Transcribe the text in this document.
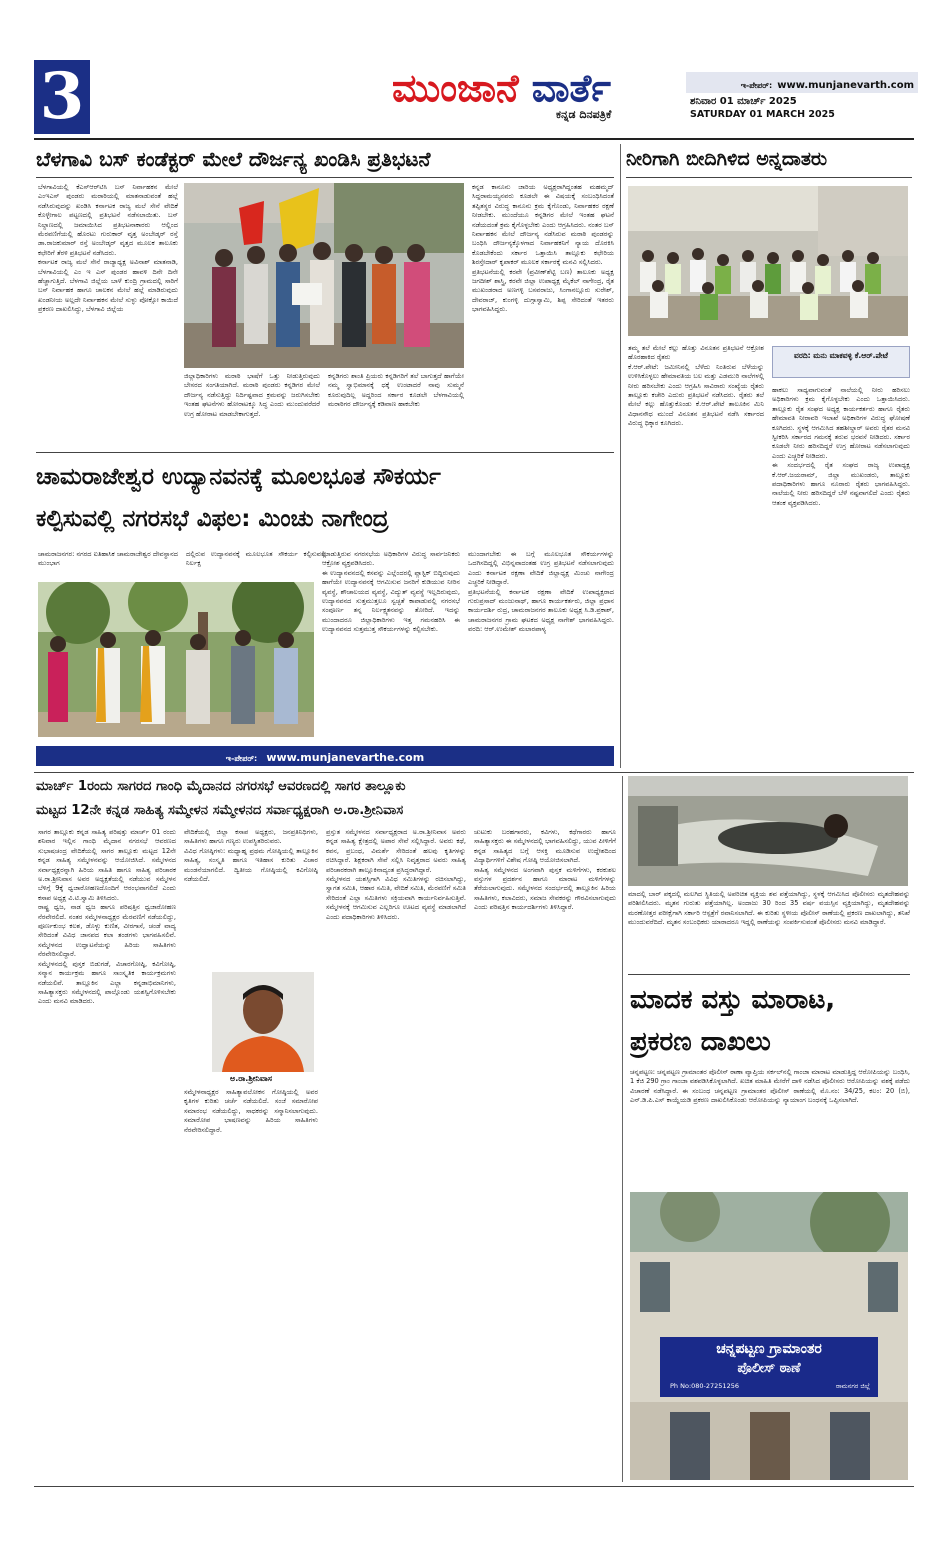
3	ಮುಂಜಾನೆ ವಾರ್ತೆ
ಕನ್ನಡ ದಿನಪತ್ರಿಕೆ
ಇ-ಪೇಪರ್: www.munjanevarth.com
ಶನಿವಾರ 01 ಮಾರ್ಚ್ 2025
SATURDAY 01 MARCH 2025
ಬೆಳಗಾವಿ ಬಸ್ ಕಂಡೆಕ್ಟರ್ ಮೇಲೆ ದೌರ್ಜನ್ಯ ಖಂಡಿಸಿ ಪ್ರತಿಭಟನೆ
ಬೆಳಗಾವಿಯಲ್ಲಿ ಕೆಎಸ್‌ಆರ್‌ಟಿಸಿ ಬಸ್ ನಿರ್ವಾಹಕನ ಮೇಲೆ ಎಂಇಎಸ್ ಪುಂಡರು ಮರಾಠಿಯಲ್ಲಿ ಮಾತನಾಡುವಂತೆ ಹಲ್ಲೆ ನಡೆಸಿರುವುದನ್ನು ಖಂಡಿಸಿ ಕರ್ನಾಟಕ ರಾಜ್ಯ ಮಲೆ ಸೇನೆ ವೇದಿಕೆ ಕೊಳ್ಳೇಗಾಲ ಪಟ್ಟಣದಲ್ಲಿ ಪ್ರತಿಭಟನೆ ನಡೆಸಲಾಯಿತು. ಬಸ್ ನಿಲ್ದಾಣದಲ್ಲಿ ಜಮಾಯಿಸಿದ ಪ್ರತಿಭಟನಾಕಾರರು ಆಲ್ಲಿಂದ ಮೆರವಣಿಗೆಯಲ್ಲಿ ಹೊರಟು ಗುರುಕಾರ್ ವೃತ್ತ ಅಂಬೇಡ್ಕರ್ ರಸ್ತೆ ಡಾ.ರಾಜಕುಮಾರ್ ರಸ್ತೆ ಅಂಬೇಡ್ಕರ್ ವೃತ್ತದ ಮೂಲಕ ತಾಲೂಕು ಕಛೇರಿಗೆ ತೆರಳಿ ಪ್ರತಿಭಟನೆ ನಡೆಸಿದರು.
ಕರ್ನಾಟಕ ರಾಜ್ಯ ಮಲೆ ಸೇನೆ ರಾಜ್ಯಾಧ್ಯಕ್ಷ ಅವಿನಾಶ್ ಮಾತನಾಡಿ, ಬೆಳಗಾವಿಯಲ್ಲಿ ಎಂ ಇ ಎಸ್ ಪುಂಡರ ಹಾವಳಿ ದಿನೇ ದಿನೇ ಹೆಚ್ಚಾಗುತ್ತಿದೆ. ಬೆಳಗಾವಿ ಜಿಲ್ಲೆಯ ಬಾಳೆ ಕುಂದ್ರಿ ಗ್ರಾಮದಲ್ಲಿ ಸಾರಿಗೆ ಬಸ್ ನಿರ್ವಾಹಕ ಹಾಗೂ ಚಾಲಕನ ಮೇಲೆ ಹಲ್ಲೆ ಮಾಡಿರುವುದು ಖಂಡನೀಯ ಅಲ್ಲದೇ ನಿರ್ವಾಹಕನ ಮೇಲೆ ಸುಳ್ಳು ಪೋಕ್ಸೋ ಕಾಯಿದೆ ಪ್ರಕರಣ ದಾಖಲಿಸಿದ್ದು, ಬೆಳಗಾವಿ ಜಿಲ್ಲೆಯ
ಜಿಲ್ಲಾಧಿಕಾರಿಗಳು ಮರಾಠಿ ಭಾಷೆಗೆ ಒತ್ತು ನೀಡುತ್ತಿರುವುದು ಬೇಸರದ ಸಂಗತಿಯಾಗಿದೆ. ಮರಾಠಿ ಪುಂಡರು ಕನ್ನಡಿಗರ ಮೇಲೆ ದೌರ್ಜನ್ಯ ನಡೆಸುತ್ತಿದ್ದು ನಿರ್ದಿಷ್ಟವಾದ ಕ್ರಮವನ್ನು ಜರುಗಿಸಬೇಕು ಇಂತಹ ಘಟನೆಗಳು ಹೋರಾಟಕ್ಕೂ ಸಿದ್ಧ ಎಂದು ಮುಂದುವರೆದರೆ ಉಗ್ರ ಹೋರಾಟ ಮಾಡಬೇಕಾಗುತ್ತದೆ.
ಕನ್ನಡಿಗರು ಶಾಂತಿ ಪ್ರಿಯರು ಕನ್ನಡಿಗರಿಗೆ ತಲೆ ಬಾಗುತ್ತದೆ ಹಾಗೆಯೇ ನಮ್ಮ ಸ್ವಾಭಿಮಾನಕ್ಕೆ ಧಕ್ಕೆ ಉಂಟಾದರೆ ನಾವು ಸುಮ್ಮನೆ ಕೂರುವುದಿಲ್ಲ ಅದ್ದರಿಂದ ಸರ್ಕಾರ ಕೂಡಲೇ ಬೆಳಗಾವಿಯಲ್ಲಿ ಮರಾಠಿಗರ ದೌರ್ಜನ್ಯಕ್ಕೆ ಕಡಿವಾಣ ಹಾಕಬೇಕು
ಕನ್ನಡ ಕಾನೂನು ಜಾರಿಯ ಅಧ್ಯಕ್ಷರಾಗಿದ್ದಂತಹ ಮಹಮ್ಮದ್ ಸಿದ್ದರಾಮಯ್ಯನವರು ಕೂಡಲೇ ಈ ವಿಷಯಕ್ಕೆ ಸಂಬಂಧಿಸಿದಂತೆ ತಪ್ಪಿತಸ್ಥರ ವಿರುದ್ಧ ಕಾನೂನು ಕ್ರಮ ಕೈಗೊಂಡು, ನಿರ್ವಾಹಕರ ರಕ್ಷಣೆ ನೀಡಬೇಕು. ಮುಂದೆಯೂ ಕನ್ನಡಿಗರ ಮೇಲೆ ಇಂತಹ ಘಟನೆ ನಡೆಯದಂತೆ ಕ್ರಮ ಕೈಗೊಳ್ಳಬೇಕು ಎಂದು ಆಗ್ರಹಿಸಿದರು. ನಂತರ ಬಸ್ ನಿರ್ವಾಹಕನ ಮೇಲೆ ದೌರ್ಜನ್ಯ ನಡೆಸಿರುವ ಮರಾಠಿ ಪುಂಡರನ್ನು ಬಂಧಿಸಿ ದೌರ್ಜನ್ಯಕ್ಕೊಳಗಾದ ನಿರ್ವಾಹಕನಿಗೆ ನ್ಯಾಯ ದೊರಕಿಸಿ ಕೊಡಬೇಕೆಂದು ಸರ್ಕಾರ ಒತ್ತಾಯಿಸಿ ತಾಲ್ಲೂಕು ಕಛೇರಿಯ ಶಿರಸ್ತೇದಾರ್ ಕೃಪಾಕರ್ ಮೂಲಕ ಸರ್ಕಾರಕ್ಕೆ ಮನವಿ ಸಲ್ಲಿಸಿದರು.
ಪ್ರತಿಭಟನೆಯಲ್ಲಿ ಕರವೇ (ಪ್ರವೀಣ್‌ಶೆಟ್ಟಿ ಬಣ) ತಾಲೂಕು ಅಧ್ಯಕ್ಷ ಜಗದೀಶ್ ಶಾಸ್ತ್ರಿ, ಕರವೇ ಜಿಲ್ಲಾ ಉಪಾಧ್ಯಕ್ಷ ಮೈಕೆಲ್ ನಾಗೇಂದ್ರ, ರೈತ ಮುಖಂಡರಾದ ಅಣಗಳ್ಳಿ ಬಸವರಾಜು, ಸಿಂಗಾನಲ್ಲೂರು ಸುರೇಶ್, ದೇವರಾಜ್, ಕುಂಗಳ್ಳಿ ದುಗ್ಗಾಸ್ವಾಮಿ, ಶಿಪ್ಪ ಸೇರಿದಂತೆ ಇತರರು ಭಾಗವಹಿಸಿದ್ದರು.
ನೀರಿಗಾಗಿ ಬೀದಿಗಿಳಿದ ಅನ್ನದಾತರು
ತಮ್ಮ ತಲೆ ಮೇಲೆ ಕಲ್ಲು ಹೊತ್ತು ವಿನೂತನ ಪ್ರತಿಭಟನೆ ಆಕ್ರೋಶ ಹೊರಹಾಕಿದ ರೈತರು
ಕೆ.ಆರ್.ಪೇಟೆ: ಜಮೀನಿನಲ್ಲಿ ಬೆಳೆದು ನಿಂತಿರುವ ಬೆಳೆಯನ್ನು ಉಳಿಸಿಕೊಳ್ಳಲು ಹೇಮಾವತಿಯ ಬಲ ಮತ್ತು ಎಡಮುರಿ ನಾಲೆಗಳಲ್ಲಿ ನೀರು ಹರಿಸಬೇಕು ಎಂದು ಆಗ್ರಹಿಸಿ ಸಾವಿರಾರು ಸಂಖ್ಯೆಯ ರೈತರು ತಾಲ್ಲೂಕು ಕಚೇರಿ ಎದುರು ಪ್ರತಿಭಟನೆ ನಡೆಸಿದರು. ರೈತರು ತಲೆ ಮೇಲೆ ಕಲ್ಲು ಹೊತ್ತುಕೊಂಡು ಕೆ.ಆರ್.ಪೇಟೆ ತಾಲೂಕಿನ ಮಿನಿ ವಿಧಾನಸೌಧ ಮುಂದೆ ವಿನೂತನ ಪ್ರತಿಭಟನೆ ನಡೆಸಿ ಸರ್ಕಾರದ ವಿರುದ್ಧ ಧಿಕ್ಕಾರ ಕೂಗಿದರು.
ವರದಿ: ಮನು ಮಾಕವಳ್ಳಿ ಕೆ.ಆರ್.ಪೇಟೆ
ಹಾಕಲು ಸಾಧ್ಯವಾಗುವಂತೆ ನಾಲೆಯಲ್ಲಿ ನೀರು ಹರಿಸಲು ಅಧಿಕಾರಿಗಳು ಕ್ರಮ ಕೈಗೊಳ್ಳಬೇಕು ಎಂದು ಒತ್ತಾಯಿಸಿದರು. ತಾಲ್ಲೂಕು ರೈತ ಸಂಘದ ಅಧ್ಯಕ್ಷ ಕಾರ್ಯಕರ್ತರು ಹಾಗೂ ರೈತರು ಹೇಮಾವತಿ ನೀರಾವರಿ ಇಲಾಖೆ ಅಧಿಕಾರಿಗಳ ವಿರುದ್ಧ ಘೋಷಣೆ ಕೂಗಿದರು. ಸ್ಥಳಕ್ಕೆ ಆಗಮಿಸಿದ ತಹಶೀಲ್ದಾರ್ ಅವರು ರೈತರ ಮನವಿ ಸ್ವೀಕರಿಸಿ ಸರ್ಕಾರದ ಗಮನಕ್ಕೆ ತರುವ ಭರವಸೆ ನೀಡಿದರು. ಸರ್ಕಾರ ಕೂಡಲೇ ನೀರು ಹರಿಸದಿದ್ದರೆ ಉಗ್ರ ಹೋರಾಟ ನಡೆಸಲಾಗುವುದು ಎಂದು ಎಚ್ಚರಿಕೆ ನೀಡಿದರು.
ಈ ಸಂದರ್ಭದಲ್ಲಿ ರೈತ ಸಂಘದ ರಾಜ್ಯ ಉಪಾಧ್ಯಕ್ಷ ಕೆ.ಆರ್.ಜಯರಾಮ್, ಜಿಲ್ಲಾ ಮುಖಂಡರು, ತಾಲ್ಲೂಕು ಪದಾಧಿಕಾರಿಗಳು ಹಾಗೂ ನೂರಾರು ರೈತರು ಭಾಗವಹಿಸಿದ್ದರು. ನಾಲೆಯಲ್ಲಿ ನೀರು ಹರಿಸದಿದ್ದರೆ ಬೆಳೆ ನಷ್ಟವಾಗಲಿದೆ ಎಂದು ರೈತರು ಆತಂಕ ವ್ಯಕ್ತಪಡಿಸಿದರು.
ಚಾಮರಾಜೇಶ್ವರ ಉದ್ಯಾನವನಕ್ಕೆ ಮೂಲಭೂತ ಸೌಕರ್ಯ
ಕಲ್ಪಿಸುವಲ್ಲಿ ನಗರಸಭೆ ವಿಫಲ: ಮಿಂಚು ನಾಗೇಂದ್ರ
ಚಾಮರಾಜನಗರ: ನಗರದ ಐತಿಹಾಸಿಕ ಚಾಮರಾಜೇಶ್ವರ ದೇವಸ್ಥಾನದ ಮುಂಭಾಗ
ದಲ್ಲಿರುವ ಉದ್ಯಾನವನಕ್ಕೆ ಮೂಲಭೂತ ಸೌಕರ್ಯ ಕಲ್ಪಿಸುವಲ್ಲಿ ನಿರ್ಲಕ್ಷ
ಮಾಡುತ್ತಿರುವ ನಗರಸಭೆಯ ಅಧಿಕಾರಿಗಳ ವಿರುದ್ಧ ಸಾರ್ವಜನಿಕರು ಆಕ್ರೋಶ ವ್ಯಕ್ತಪಡಿಸಿದರು.
ಈ ಉದ್ಯಾನವನದಲ್ಲಿ ಕಸವನ್ನು ಎಲ್ಲೆಂದರಲ್ಲಿ ಪ್ಲಾಸ್ಟಿಕ್ ಬಿದ್ದಿರುವುದು ಹಾಗೆಯೇ ಉದ್ಯಾನವನಕ್ಕೆ ಆಗಮಿಸುವ ಜನರಿಗೆ ಕುಡಿಯುವ ನೀರಿನ ವ್ಯವಸ್ಥೆ, ಶೌಚಾಲಯದ ವ್ಯವಸ್ಥೆ, ವಿದ್ಯುತ್ ವ್ಯವಸ್ಥೆ ಇಲ್ಲದಿರುವುದು, ಉದ್ಯಾನವನದ ಸುತ್ತಮುತ್ತಲೂ ಸ್ವಚ್ಛತೆ ಕಾಪಾಡುವಲ್ಲಿ ನಗರಸಭೆ ಸಂಪೂರ್ಣ ತನ್ನ ನಿರ್ಲಕ್ಷ್ಯತನವನ್ನು ತೋರಿದೆ. ಇದನ್ನು ಮುಂದಾದರೂ ಜಿಲ್ಲಾಧಿಕಾರಿಗಳು ಇತ್ತ ಗಮನಹರಿಸಿ ಈ ಉದ್ಯಾನವನದ ಸುತ್ತಮುತ್ತ ಸೌಕರ್ಯಗಳನ್ನು ಕಲ್ಪಿಸಬೇಕು.
ಮುಂದಾಗಬೇಕು ಈ ಬಗ್ಗೆ ಮೂಲಭೂತ ಸೌಕರ್ಯಗಳನ್ನು ಒದಗಿಸದಿದ್ದಲ್ಲಿ ವಿಭಿನ್ನವಾದಂತಹ ಉಗ್ರ ಪ್ರತಿಭಟನೆ ನಡೆಸಲಾಗುವುದು ಎಂದು ಕರ್ನಾಟಕ ರಕ್ಷಣಾ ವೇದಿಕೆ ಜಿಲ್ಲಾಧ್ಯಕ್ಷ ಮಿಂಚು ನಾಗೇಂದ್ರ ಎಚ್ಚರಿಕೆ ನೀಡಿದ್ದಾರೆ.
ಪ್ರತಿಭಟನೆಯಲ್ಲಿ ಕರ್ನಾಟಕ ರಕ್ಷಣಾ ವೇದಿಕೆ ಉಪಾಧ್ಯಕ್ಷರಾದ ಗುರುಪ್ರಸಾದ್ ಮಂಜುನಾಥ್, ಹಾಗೂ ಕಾರ್ಯಕರ್ತರು, ಜಿಲ್ಲಾ ಪ್ರಧಾನ ಕಾರ್ಯದರ್ಶಿ ರುದ್ರ, ಚಾಮರಾಜನಗರ ತಾಲೂಕು ಅಧ್ಯಕ್ಷ ಸಿ.ಡಿ.ಪ್ರಕಾಶ್, ಚಾಮರಾಜನಗರ ಗ್ರಾಮ ಘಟಕದ ಅಧ್ಯಕ್ಷ ನಾಗೇಶ್ ಭಾಗವಹಿಸಿದ್ದರು. ವರದಿ: ಆರ್.ಉಮೇಶ್ ಮಲಾರಪಾಳ್ಯ
ಇ-ಪೇಪರ್: www.munjanevarthe.com
ಮಾರ್ಚ್ 1ರಂದು ಸಾಗರದ ಗಾಂಧಿ ಮೈದಾನದ ನಗರಸಭೆ ಆವರಣದಲ್ಲಿ ಸಾಗರ ತಾಲ್ಲೂಕು
ಮಟ್ಟದ 12ನೇ ಕನ್ನಡ ಸಾಹಿತ್ಯ ಸಮ್ಮೇಳನ ಸಮ್ಮೇಳನದ ಸರ್ವಾಧ್ಯಕ್ಷರಾಗಿ ಅ.ರಾ.ಶ್ರೀನಿವಾಸ
ಸಾಗರ ತಾಲ್ಲೂಕು ಕನ್ನಡ ಸಾಹಿತ್ಯ ಪರಿಷತ್ತು ಮಾರ್ಚ್ 01 ರಂದು ಶನಿವಾರ ಇಲ್ಲಿನ ಗಾಂಧಿ ಮೈದಾನ ನಗರಸಭೆ ಆವರಣದ ಸುಭಾಷಚಂದ್ರ ವೇದಿಕೆಯಲ್ಲಿ ಸಾಗರ ತಾಲ್ಲೂಕು ಮಟ್ಟದ 12ನೇ ಕನ್ನಡ ಸಾಹಿತ್ಯ ಸಮ್ಮೇಳನವನ್ನು ಆಯೋಜಿಸಿದೆ. ಸಮ್ಮೇಳನದ ಸರ್ವಾಧ್ಯಕ್ಷರನ್ನಾಗಿ ಹಿರಿಯ ಸಾಹಿತಿ ಹಾಗೂ ಸಾಹಿತ್ಯ ಪರಿಚಾರಕ ಅ.ರಾ.ಶ್ರೀನಿವಾಸ ಅವರ ಅಧ್ಯಕ್ಷತೆಯಲ್ಲಿ ನಡೆಯುವ ಸಮ್ಮೇಳನ ಬೆಳಿಗ್ಗೆ 9ಕ್ಕೆ ಧ್ವಜಾರೋಹಣದೊಂದಿಗೆ ಆರಂಭವಾಗಲಿದೆ ಎಂದು ಕಸಾಪ ಅಧ್ಯಕ್ಷ ವಿ.ಟಿ.ಸ್ವಾಮಿ ತಿಳಿಸಿದರು.
ರಾಷ್ಟ್ರ ಧ್ವಜ, ನಾಡ ಧ್ವಜ ಹಾಗೂ ಪರಿಷತ್ತಿನ ಧ್ವಜಾರೋಹಣ ನೆರವೇರಲಿದೆ. ನಂತರ ಸಮ್ಮೇಳನಾಧ್ಯಕ್ಷರ ಮೆರವಣಿಗೆ ನಡೆಯಲಿದ್ದು, ಪೂರ್ಣಕುಂಭ ಕಲಶ, ಡೊಳ್ಳು ಕುಣಿತ, ವೀರಗಾಸೆ, ಚಂಡೆ ವಾದ್ಯ ಸೇರಿದಂತೆ ವಿವಿಧ ಜಾನಪದ ಕಲಾ ತಂಡಗಳು ಭಾಗವಹಿಸಲಿವೆ. ಸಮ್ಮೇಳನದ ಉದ್ಘಾಟನೆಯನ್ನು ಹಿರಿಯ ಸಾಹಿತಿಗಳು ನೆರವೇರಿಸಲಿದ್ದಾರೆ.
ಸಮ್ಮೇಳನದಲ್ಲಿ ಪುಸ್ತಕ ಬಿಡುಗಡೆ, ವಿಚಾರಗೋಷ್ಠಿ, ಕವಿಗೋಷ್ಠಿ, ಸನ್ಮಾನ ಕಾರ್ಯಕ್ರಮ ಹಾಗೂ ಸಾಂಸ್ಕೃತಿಕ ಕಾರ್ಯಕ್ರಮಗಳು ನಡೆಯಲಿವೆ. ತಾಲ್ಲೂಕಿನ ಎಲ್ಲಾ ಕನ್ನಡಾಭಿಮಾನಿಗಳು, ಸಾಹಿತ್ಯಾಸಕ್ತರು ಸಮ್ಮೇಳನದಲ್ಲಿ ಪಾಲ್ಗೊಂಡು ಯಶಸ್ವಿಗೊಳಿಸಬೇಕು ಎಂದು ಮನವಿ ಮಾಡಿದರು.
ವೇದಿಕೆಯಲ್ಲಿ ಜಿಲ್ಲಾ ಕಸಾಪ ಅಧ್ಯಕ್ಷರು, ಜನಪ್ರತಿನಿಧಿಗಳು, ಸಾಹಿತಿಗಳು ಹಾಗೂ ಗಣ್ಯರು ಉಪಸ್ಥಿತರಿರುವರು.
ವಿವಿಧ ಗೋಷ್ಠಿಗಳು: ಮಧ್ಯಾಹ್ನ ಪ್ರಥಮ ಗೋಷ್ಠಿಯಲ್ಲಿ ತಾಲ್ಲೂಕಿನ ಸಾಹಿತ್ಯ, ಸಂಸ್ಕೃತಿ ಹಾಗೂ ಇತಿಹಾಸ ಕುರಿತು ವಿಚಾರ ಮಂಡನೆಯಾಗಲಿದೆ. ದ್ವಿತೀಯ ಗೋಷ್ಠಿಯಲ್ಲಿ ಕವಿಗೋಷ್ಠಿ ನಡೆಯಲಿದೆ.
ಅ.ರಾ.ಶ್ರೀನಿವಾಸ
ಸಮ್ಮೇಳನಾಧ್ಯಕ್ಷರ ಸಾಹಿತ್ಯಾವಲೋಕನ ಗೋಷ್ಠಿಯಲ್ಲಿ ಅವರ ಕೃತಿಗಳ ಕುರಿತು ಚರ್ಚೆ ನಡೆಯಲಿದೆ. ಸಂಜೆ ಸಮಾರೋಪ ಸಮಾರಂಭ ನಡೆಯಲಿದ್ದು, ಸಾಧಕರನ್ನು ಸನ್ಮಾನಿಸಲಾಗುವುದು. ಸಮಾರೋಪ ಭಾಷಣವನ್ನು ಹಿರಿಯ ಸಾಹಿತಿಗಳು ನೆರವೇರಿಸಲಿದ್ದಾರೆ.
ಪ್ರಸ್ತುತ ಸಮ್ಮೇಳನದ ಸರ್ವಾಧ್ಯಕ್ಷರಾದ ಅ.ರಾ.ಶ್ರೀನಿವಾಸ ಅವರು ಕನ್ನಡ ಸಾಹಿತ್ಯ ಕ್ಷೇತ್ರದಲ್ಲಿ ಅಪಾರ ಸೇವೆ ಸಲ್ಲಿಸಿದ್ದಾರೆ. ಅವರು ಕಥೆ, ಕವನ, ಪ್ರಬಂಧ, ವಿಮರ್ಶೆ ಸೇರಿದಂತೆ ಹಲವು ಕೃತಿಗಳನ್ನು ರಚಿಸಿದ್ದಾರೆ. ಶಿಕ್ಷಕರಾಗಿ ಸೇವೆ ಸಲ್ಲಿಸಿ ನಿವೃತ್ತರಾದ ಅವರು ಸಾಹಿತ್ಯ ಪರಿಚಾರಕರಾಗಿ ತಾಲ್ಲೂಕಿನಾದ್ಯಂತ ಪ್ರಸಿದ್ಧರಾಗಿದ್ದಾರೆ.
ಸಮ್ಮೇಳನದ ಯಶಸ್ಸಿಗಾಗಿ ವಿವಿಧ ಸಮಿತಿಗಳನ್ನು ರಚಿಸಲಾಗಿದ್ದು, ಸ್ವಾಗತ ಸಮಿತಿ, ಆಹಾರ ಸಮಿತಿ, ವೇದಿಕೆ ಸಮಿತಿ, ಮೆರವಣಿಗೆ ಸಮಿತಿ ಸೇರಿದಂತೆ ಎಲ್ಲಾ ಸಮಿತಿಗಳು ಸಕ್ರಿಯವಾಗಿ ಕಾರ್ಯನಿರ್ವಹಿಸುತ್ತಿವೆ. ಸಮ್ಮೇಳನಕ್ಕೆ ಆಗಮಿಸುವ ಎಲ್ಲರಿಗೂ ಊಟದ ವ್ಯವಸ್ಥೆ ಮಾಡಲಾಗಿದೆ ಎಂದು ಪದಾಧಿಕಾರಿಗಳು ತಿಳಿಸಿದರು.
ಚುಟುಕು ಬರಹಗಾರರು, ಕವಿಗಳು, ಕಥೆಗಾರರು ಹಾಗೂ ಸಾಹಿತ್ಯಾಸಕ್ತರು ಈ ಸಮ್ಮೇಳನದಲ್ಲಿ ಭಾಗವಹಿಸಲಿದ್ದು, ಯುವ ಪೀಳಿಗೆಗೆ ಕನ್ನಡ ಸಾಹಿತ್ಯದ ಬಗ್ಗೆ ಆಸಕ್ತಿ ಮೂಡಿಸುವ ಉದ್ದೇಶದಿಂದ ವಿದ್ಯಾರ್ಥಿಗಳಿಗೆ ವಿಶೇಷ ಗೋಷ್ಠಿ ಆಯೋಜಿಸಲಾಗಿದೆ.
ಸಾಹಿತ್ಯ ಸಮ್ಮೇಳನದ ಅಂಗವಾಗಿ ಪುಸ್ತಕ ಮಳಿಗೆಗಳು, ಕರಕುಶಲ ವಸ್ತುಗಳ ಪ್ರದರ್ಶನ ಹಾಗೂ ಮಾರಾಟ ಮಳಿಗೆಗಳನ್ನು ತೆರೆಯಲಾಗುವುದು. ಸಮ್ಮೇಳನದ ಸಂದರ್ಭದಲ್ಲಿ ತಾಲ್ಲೂಕಿನ ಹಿರಿಯ ಸಾಹಿತಿಗಳು, ಕಲಾವಿದರು, ಸಮಾಜ ಸೇವಕರನ್ನು ಗೌರವಿಸಲಾಗುವುದು ಎಂದು ಪರಿಷತ್ತಿನ ಕಾರ್ಯದರ್ಶಿಗಳು ತಿಳಿಸಿದ್ದಾರೆ.
ಮಾದಲ್ಲಿ ಬಾರ್ ಪಕ್ಕದಲ್ಲಿ ಮಲಗಿದ ಸ್ಥಿತಿಯಲ್ಲಿ ಅಪರಿಚಿತ ವ್ಯಕ್ತಿಯ ಶವ ಪತ್ತೆಯಾಗಿದ್ದು, ಸ್ಥಳಕ್ಕೆ ಆಗಮಿಸಿದ ಪೊಲೀಸರು ಮೃತದೇಹವನ್ನು ಪರಿಶೀಲಿಸಿದರು. ಮೃತನ ಗುರುತು ಪತ್ತೆಯಾಗಿಲ್ಲ. ಅಂದಾಜು 30 ರಿಂದ 35 ವರ್ಷ ವಯಸ್ಸಿನ ವ್ಯಕ್ತಿಯಾಗಿದ್ದು, ಮೃತದೇಹವನ್ನು ಮರಣೋತ್ತರ ಪರೀಕ್ಷೆಗಾಗಿ ಸರ್ಕಾರಿ ಆಸ್ಪತ್ರೆಗೆ ರವಾನಿಸಲಾಗಿದೆ. ಈ ಕುರಿತು ಸ್ಥಳೀಯ ಪೊಲೀಸ್ ಠಾಣೆಯಲ್ಲಿ ಪ್ರಕರಣ ದಾಖಲಾಗಿದ್ದು, ತನಿಖೆ ಮುಂದುವರೆದಿದೆ. ಮೃತನ ಸಂಬಂಧಿಕರು ಯಾರಾದರೂ ಇದ್ದಲ್ಲಿ ಠಾಣೆಯನ್ನು ಸಂಪರ್ಕಿಸುವಂತೆ ಪೊಲೀಸರು ಮನವಿ ಮಾಡಿದ್ದಾರೆ.
ಮಾದಕ ವಸ್ತು ಮಾರಾಟ,
ಪ್ರಕರಣ ದಾಖಲು
ಚನ್ನಪಟ್ಟಣ: ಚನ್ನಪಟ್ಟಣ ಗ್ರಾಮಾಂತರ ಪೊಲೀಸ್ ಠಾಣಾ ವ್ಯಾಪ್ತಿಯ ಸರ್ಕಲ್‌ನಲ್ಲಿ ಗಾಂಜಾ ಮಾರಾಟ ಮಾಡುತ್ತಿದ್ದ ಆರೋಪಿಯನ್ನು ಬಂಧಿಸಿ, 1 ಕೆಜಿ 290 ಗ್ರಾಂ ಗಾಂಜಾ ವಶಪಡಿಸಿಕೊಳ್ಳಲಾಗಿದೆ. ಖಚಿತ ಮಾಹಿತಿ ಮೇರೆಗೆ ದಾಳಿ ನಡೆಸಿದ ಪೊಲೀಸರು ಆರೋಪಿಯನ್ನು ವಶಕ್ಕೆ ಪಡೆದು ವಿಚಾರಣೆ ನಡೆಸಿದ್ದಾರೆ. ಈ ಸಂಬಂಧ ಚನ್ನಪಟ್ಟಣ ಗ್ರಾಮಾಂತರ ಪೊಲೀಸ್ ಠಾಣೆಯಲ್ಲಿ ಮೊ.ನಂ: 34/25, ಕಲಂ: 20 (ಬಿ), ಎನ್.ಡಿ.ಪಿ.ಎಸ್ ಕಾಯ್ದೆಯಡಿ ಪ್ರಕರಣ ದಾಖಲಿಸಿಕೊಂಡು ಆರೋಪಿಯನ್ನು ನ್ಯಾಯಾಂಗ ಬಂಧನಕ್ಕೆ ಒಪ್ಪಿಸಲಾಗಿದೆ.
ಚನ್ನಪಟ್ಟಣ ಗ್ರಾಮಾಂತರ
ಪೊಲೀಸ್ ಠಾಣೆ
Ph No:080-27251256	ರಾಮನಗರ ಜಿಲ್ಲೆ
